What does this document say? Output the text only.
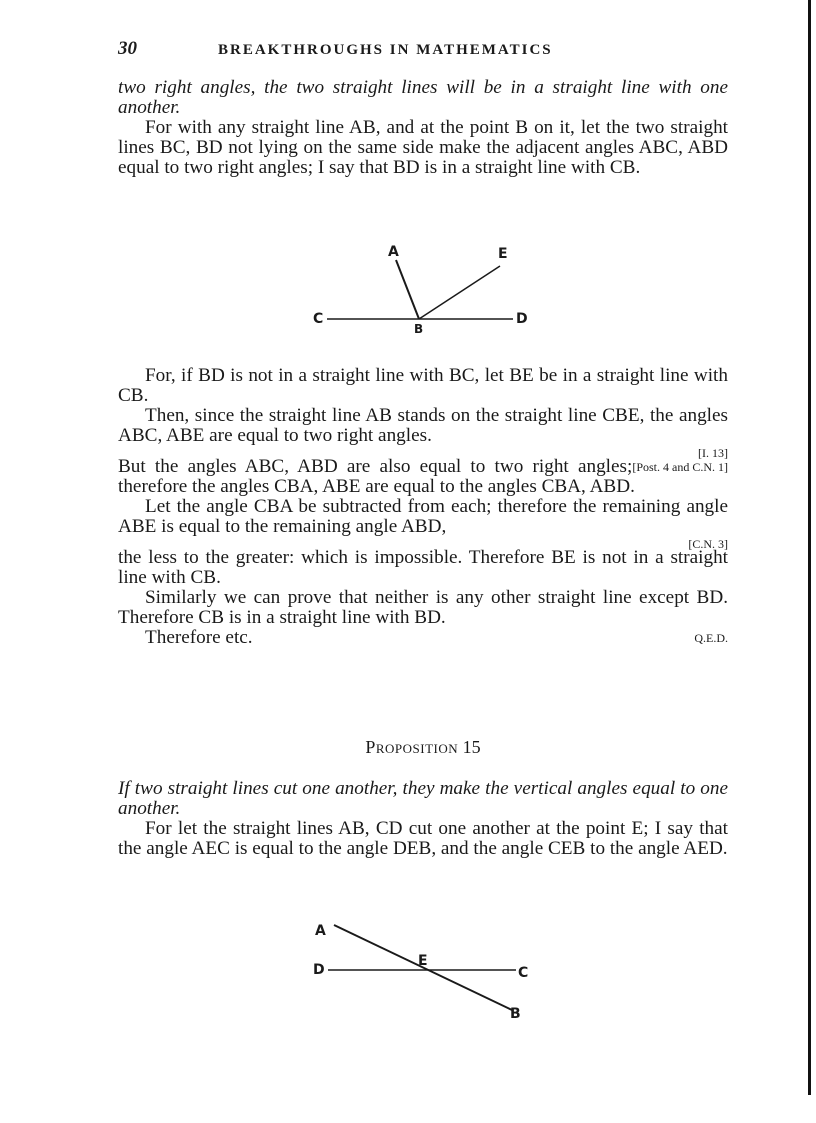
30	BREAKTHROUGHS IN MATHEMATICS

two right angles, the two straight lines will be in a straight line with one another.

For with any straight line AB, and at the point B on it, let the two straight lines BC, BD not lying on the same side make the adjacent angles ABC, ABD equal to two right angles; I say that BD is in a straight line with CB.

A	E
C
B
D

For, if BD is not in a straight line with BC, let BE be in a straight line with CB.

Then, since the straight line AB stands on the straight line CBE, the angles ABC, ABE are equal to two right angles.

[I. 13]

[Post. 4 and C.N. 1]
But the angles ABC, ABD are also equal to two right angles; therefore the angles CBA, ABE are equal to the angles CBA, ABD.

Let the angle CBA be subtracted from each; therefore the remaining angle ABE is equal to the remaining angle ABD,

[C.N. 3]

the less to the greater: which is impossible. Therefore BE is not in a straight line with CB.

Similarly we can prove that neither is any other straight line except BD. Therefore CB is in a straight line with BD.

Q.E.D.
Therefore etc.

Proposition 15

If two straight lines cut one another, they make the vertical angles equal to one another.

For let the straight lines AB, CD cut one another at the point E; I say that the angle AEC is equal to the angle DEB, and the angle CEB to the angle AED.

A
E
D	C
B
